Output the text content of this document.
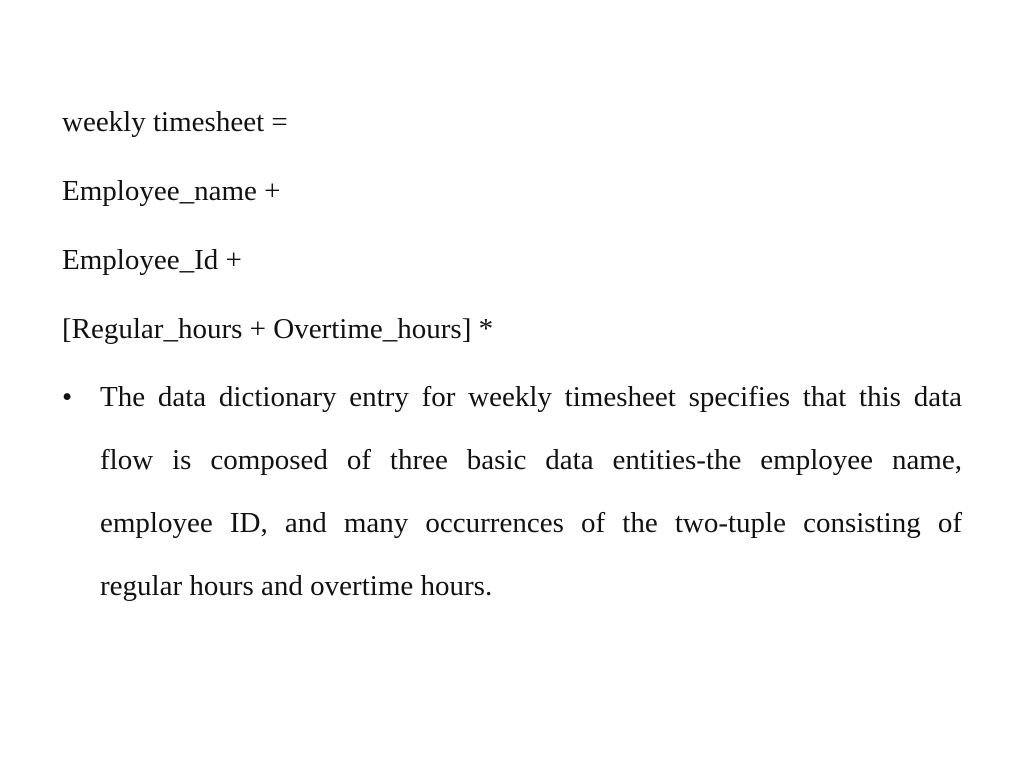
weekly timesheet =
Employee_name +
Employee_Id +
[Regular_hours + Overtime_hours] *
• The data dictionary entry for weekly timesheet specifies that this data flow is composed of three basic data entities-the employee name, employee ID, and many occurrences of the two-tuple consisting of regular hours and overtime hours.
